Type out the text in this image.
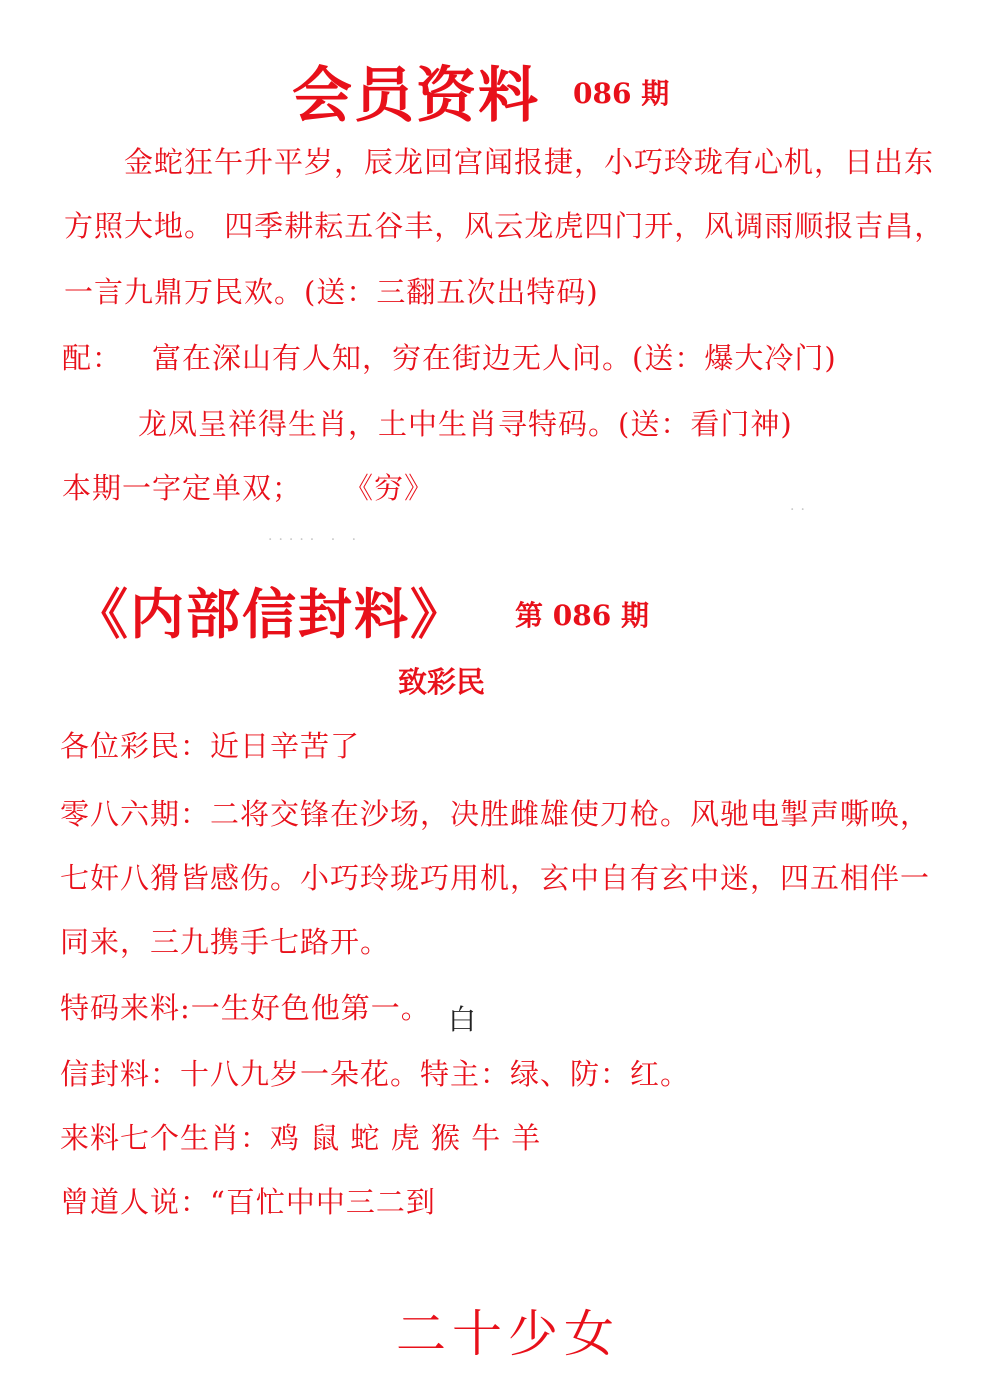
会员资料 086 期
金蛇狂午升平岁，辰龙回宫闻报捷，小巧玲珑有心机，日出东
方照大地。 四季耕耘五谷丰，风云龙虎四门开，风调雨顺报吉昌，
一言九鼎万民欢。(送：三翻五次出特码)
配： 富在深山有人知，穷在街边无人问。(送：爆大冷门)
龙凤呈祥得生肖，土中生肖寻特码。(送：看门神)
本期一字定单双； 《穷》
····· · ·
··
《内部信封料》 第 086 期
致彩民
各位彩民：近日辛苦了
零八六期：二将交锋在沙场，决胜雌雄使刀枪。风驰电掣声嘶唤，
七奸八猾皆感伤。小巧玲珑巧用机，玄中自有玄中迷，四五相伴一
同来，三九携手七路开。
特码来料:一生好色他第一。 白
信封料：十八九岁一朵花。特主：绿、防：红。
来料七个生肖：鸡 鼠 蛇 虎 猴 牛 羊
曾道人说：“百忙中中三二到
二十少女
